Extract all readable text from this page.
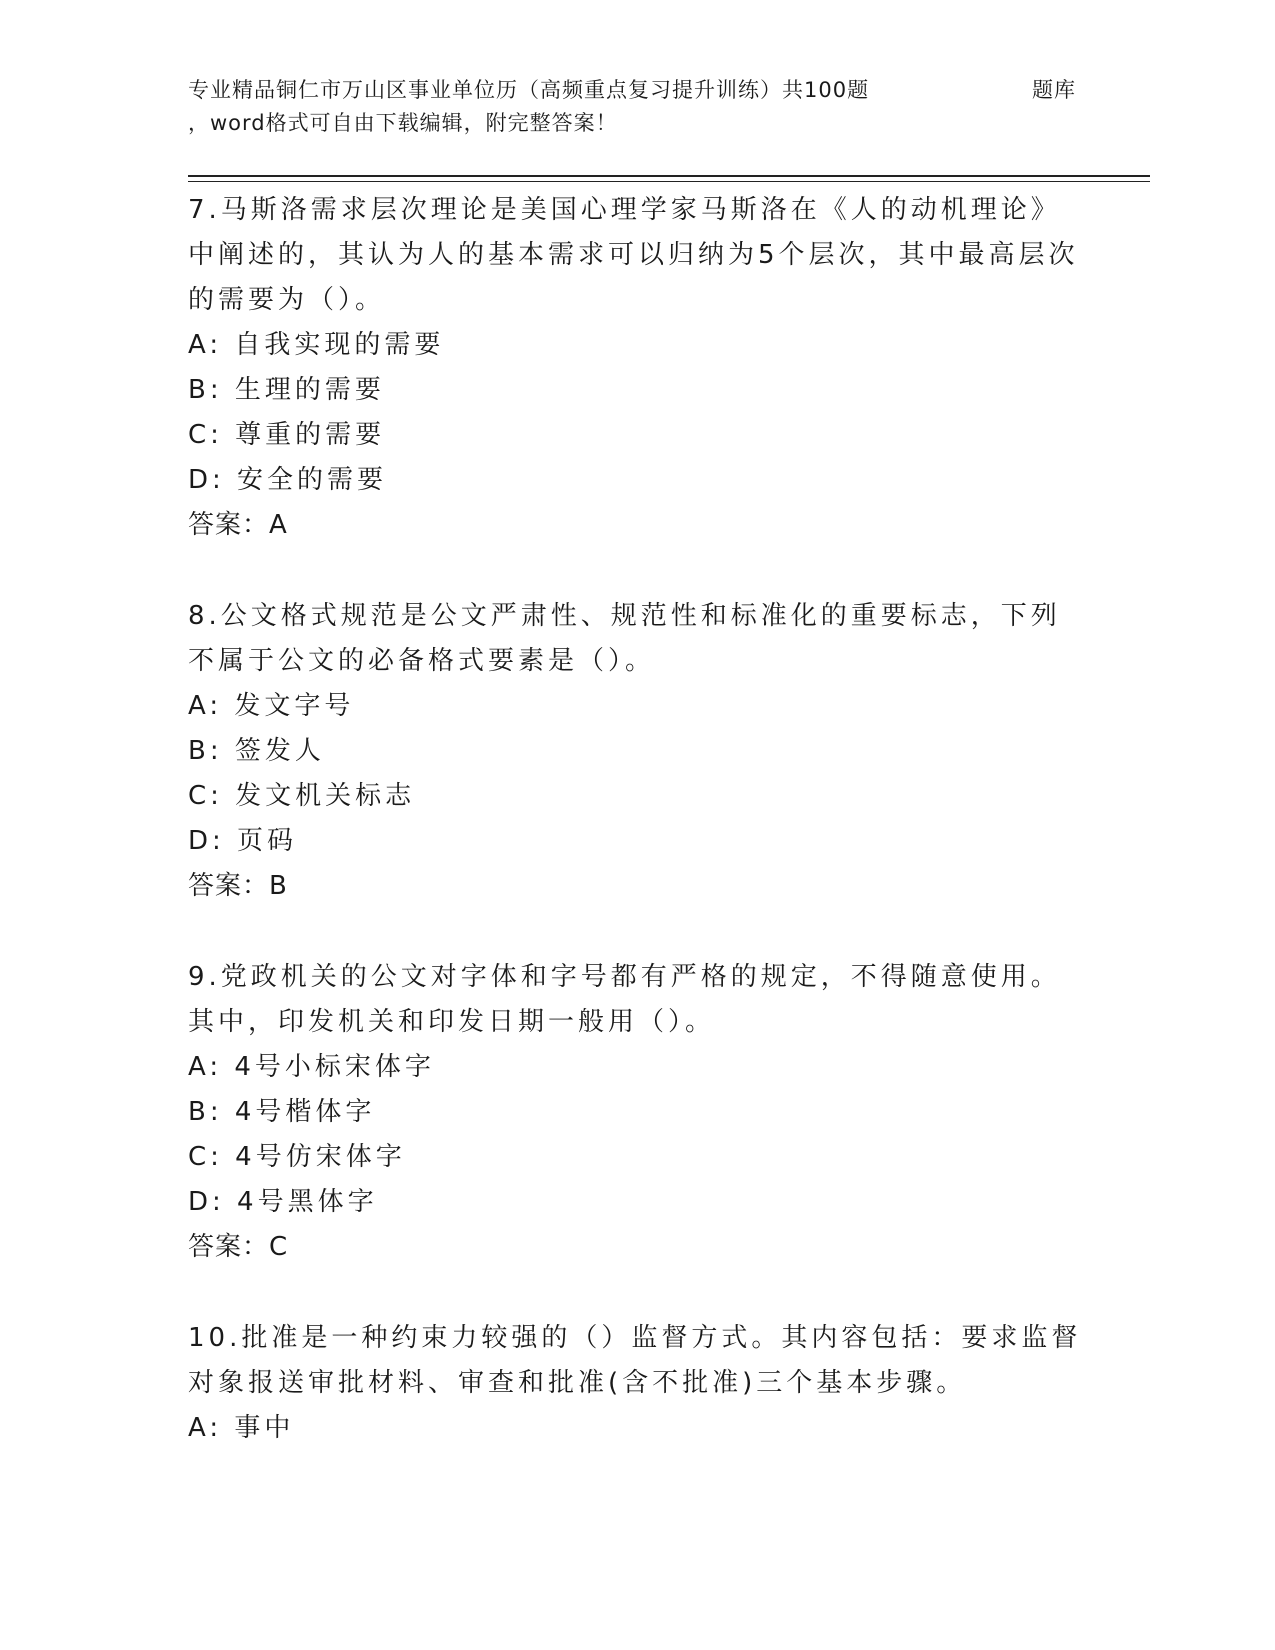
专业精品铜仁市万山区事业单位历（高频重点复习提升训练）共100题	题库
，word格式可自由下载编辑，附完整答案！

7.马斯洛需求层次理论是美国心理学家马斯洛在《人的动机理论》中阐述的，其认为人的基本需求可以归纳为5个层次，其中最高层次的需要为（）。

A: 自我实现的需要

B: 生理的需要

C: 尊重的需要

D: 安全的需要

答案：A

8.公文格式规范是公文严肃性、规范性和标准化的重要标志，下列不属于公文的必备格式要素是（）。

A: 发文字号

B: 签发人

C: 发文机关标志

D: 页码

答案：B

9.党政机关的公文对字体和字号都有严格的规定，不得随意使用。其中，印发机关和印发日期一般用（）。

A: 4号小标宋体字

B: 4号楷体字

C: 4号仿宋体字

D: 4号黑体字

答案：C

10.批准是一种约束力较强的（）监督方式。其内容包括：要求监督对象报送审批材料、审查和批准(含不批准)三个基本步骤。

A: 事中
